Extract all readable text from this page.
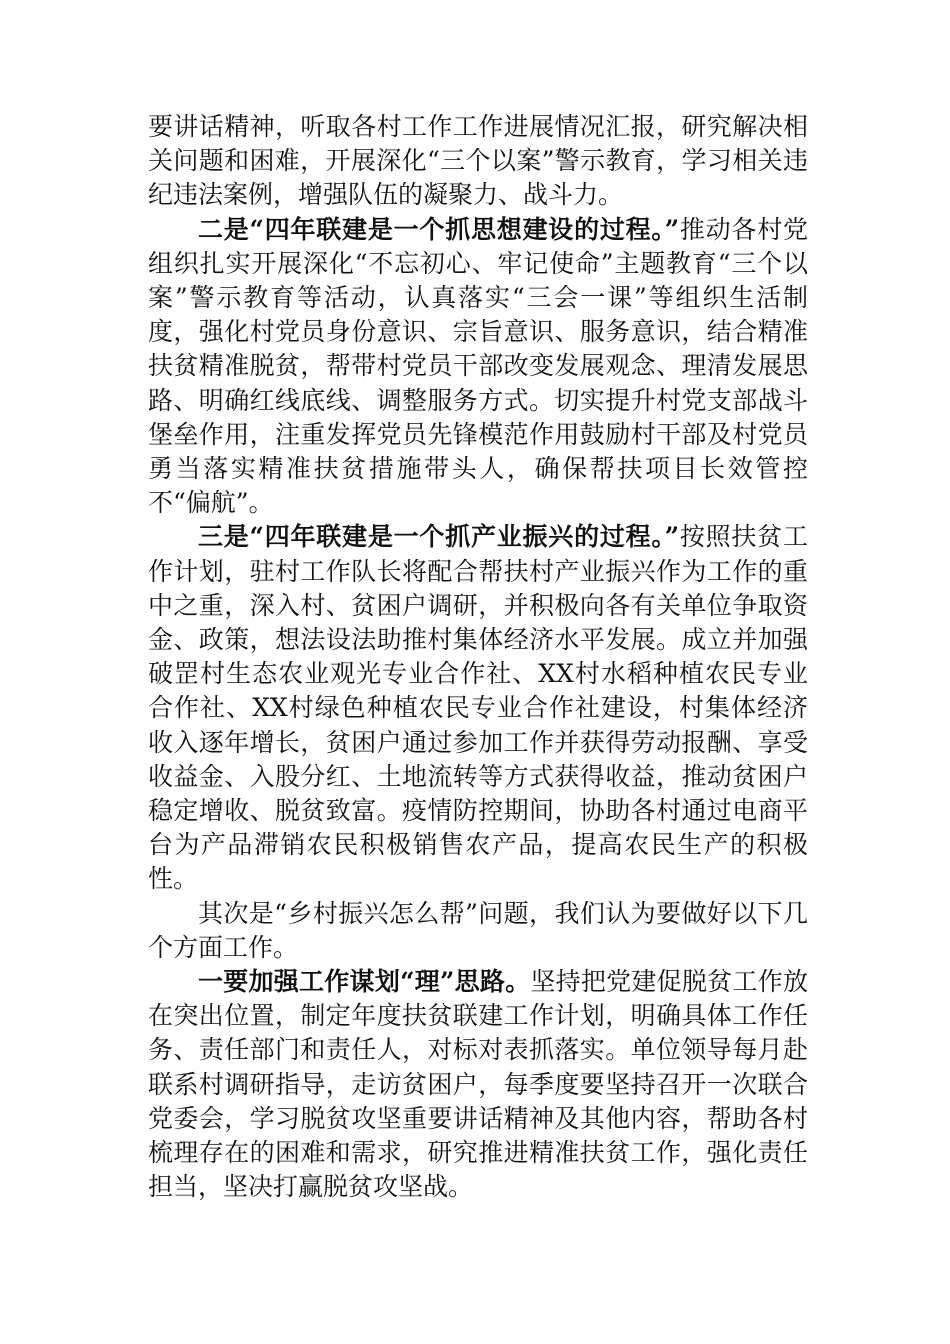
要讲话精神，听取各村工作工作进展情况汇报，研究解决相关问题和困难，开展深化“三个以案”警示教育，学习相关违纪违法案例，增强队伍的凝聚力、战斗力。

二是“四年联建是一个抓思想建设的过程。”推动各村党组织扎实开展深化“不忘初心、牢记使命”主题教育“三个以案”警示教育等活动，认真落实“三会一课”等组织生活制度，强化村党员身份意识、宗旨意识、服务意识，结合精准扶贫精准脱贫，帮带村党员干部改变发展观念、理清发展思路、明确红线底线、调整服务方式。切实提升村党支部战斗堡垒作用，注重发挥党员先锋模范作用鼓励村干部及村党员勇当落实精准扶贫措施带头人，确保帮扶项目长效管控不“偏航”。

三是“四年联建是一个抓产业振兴的过程。”按照扶贫工作计划，驻村工作队长将配合帮扶村产业振兴作为工作的重中之重，深入村、贫困户调研，并积极向各有关单位争取资金、政策，想法设法助推村集体经济水平发展。成立并加强破罡村生态农业观光专业合作社、XX村水稻种植农民专业合作社、XX村绿色种植农民专业合作社建设，村集体经济收入逐年增长，贫困户通过参加工作并获得劳动报酬、享受收益金、入股分红、土地流转等方式获得收益，推动贫困户稳定增收、脱贫致富。疫情防控期间，协助各村通过电商平台为产品滞销农民积极销售农产品，提高农民生产的积极性。

其次是“乡村振兴怎么帮”问题，我们认为要做好以下几个方面工作。

一要加强工作谋划“理”思路。坚持把党建促脱贫工作放在突出位置，制定年度扶贫联建工作计划，明确具体工作任务、责任部门和责任人，对标对表抓落实。单位领导每月赴联系村调研指导，走访贫困户，每季度要坚持召开一次联合党委会，学习脱贫攻坚重要讲话精神及其他内容，帮助各村梳理存在的困难和需求，研究推进精准扶贫工作，强化责任担当，坚决打赢脱贫攻坚战。
